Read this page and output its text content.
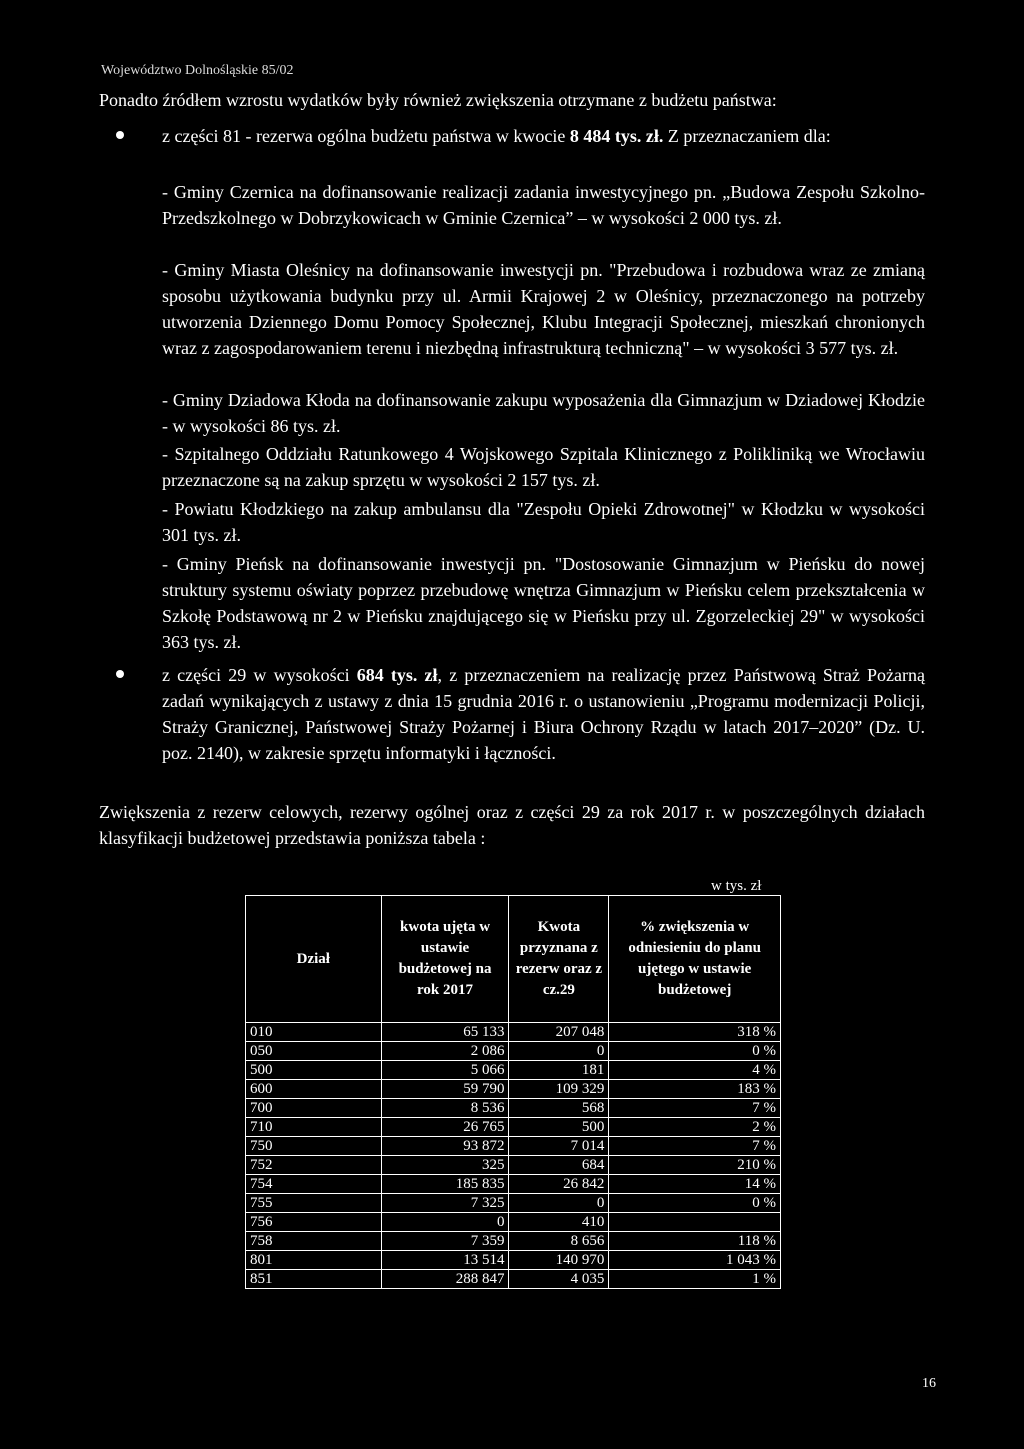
Województwo Dolnośląskie 85/02
Ponadto źródłem wzrostu wydatków były również zwiększenia otrzymane z budżetu państwa:
z części 81 - rezerwa ogólna budżetu państwa w kwocie 8 484 tys. zł. Z przeznaczaniem dla:
- Gminy Czernica na dofinansowanie realizacji zadania inwestycyjnego pn. „Budowa Zespołu Szkolno-Przedszkolnego w Dobrzykowicach w Gminie Czernica” – w wysokości 2 000 tys. zł.
- Gminy Miasta Oleśnicy na dofinansowanie inwestycji pn. "Przebudowa i rozbudowa wraz ze zmianą sposobu użytkowania budynku przy ul. Armii Krajowej 2 w Oleśnicy, przeznaczonego na potrzeby utworzenia Dziennego Domu Pomocy Społecznej, Klubu Integracji Społecznej, mieszkań chronionych wraz z zagospodarowaniem terenu i niezbędną infrastrukturą techniczną" – w wysokości 3 577 tys. zł.
- Gminy Dziadowa Kłoda na dofinansowanie zakupu wyposażenia dla Gimnazjum w Dziadowej Kłodzie - w wysokości 86 tys. zł.
- Szpitalnego Oddziału Ratunkowego 4 Wojskowego Szpitala Klinicznego z Polikliniką we Wrocławiu przeznaczone są na zakup sprzętu w wysokości 2 157 tys. zł.
- Powiatu Kłodzkiego na zakup ambulansu dla "Zespołu Opieki Zdrowotnej" w Kłodzku w wysokości 301 tys. zł.
- Gminy Pieńsk na dofinansowanie inwestycji pn. "Dostosowanie Gimnazjum w Pieńsku do nowej struktury systemu oświaty poprzez przebudowę wnętrza Gimnazjum w Pieńsku celem przekształcenia w Szkołę Podstawową nr 2 w Pieńsku znajdującego się w Pieńsku przy ul. Zgorzeleckiej 29" w wysokości 363 tys. zł.
z części 29 w wysokości 684 tys. zł, z przeznaczeniem na realizację przez Państwową Straż Pożarną zadań wynikających z ustawy z dnia 15 grudnia 2016 r. o ustanowieniu „Programu modernizacji Policji, Straży Granicznej, Państwowej Straży Pożarnej i Biura Ochrony Rządu w latach 2017–2020” (Dz. U. poz. 2140), w zakresie sprzętu informatyki i łączności.
Zwiększenia z rezerw celowych, rezerwy ogólnej oraz z części 29 za rok 2017 r. w poszczególnych działach klasyfikacji budżetowej przedstawia poniższa tabela :
w tys. zł
Dział	kwota ujęta w ustawie budżetowej na rok 2017	Kwota przyznana z rezerw oraz z cz.29	% zwiększenia w odniesieniu do planu ujętego w ustawie budżetowej
010	65 133	207 048	318 %
050	2 086	0	0 %
500	5 066	181	4 %
600	59 790	109 329	183 %
700	8 536	568	7 %
710	26 765	500	2 %
750	93 872	7 014	7 %
752	325	684	210 %
754	185 835	26 842	14 %
755	7 325	0	0 %
756	0	410	
758	7 359	8 656	118 %
801	13 514	140 970	1 043 %
851	288 847	4 035	1 %
16
